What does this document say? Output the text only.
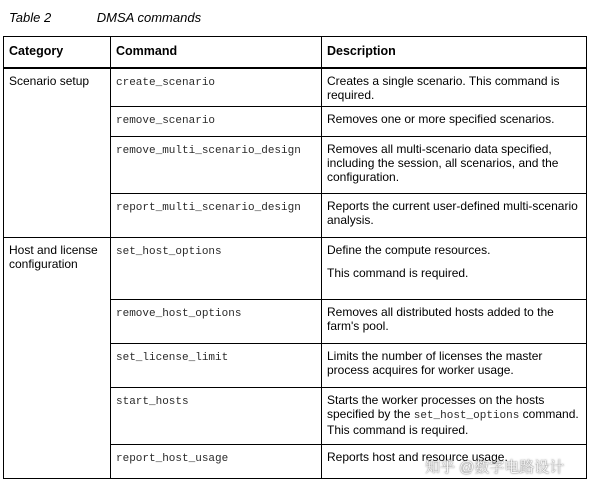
Table 2	DMSA commands
Category	Command	Description
Scenario setup	create_scenario	Creates a single scenario. This command is required.

	remove_scenario	Removes one or more specified scenarios.

	remove_multi_scenario_design	Removes all multi-scenario data specified, including the session, all scenarios, and the configuration.

	report_multi_scenario_design	Reports the current user-defined multi-scenario analysis.

Host and license configuration	set_host_options	Define the compute resources.

This command is required.

	remove_host_options	Removes all distributed hosts added to the farm's pool.

	set_license_limit	Limits the number of licenses the master process acquires for worker usage.

	start_hosts	Starts the worker processes on the hosts specified by the set_host_options command. This command is required.

	report_host_usage	Reports host and resource usage.

知乎 @数字电路设计
